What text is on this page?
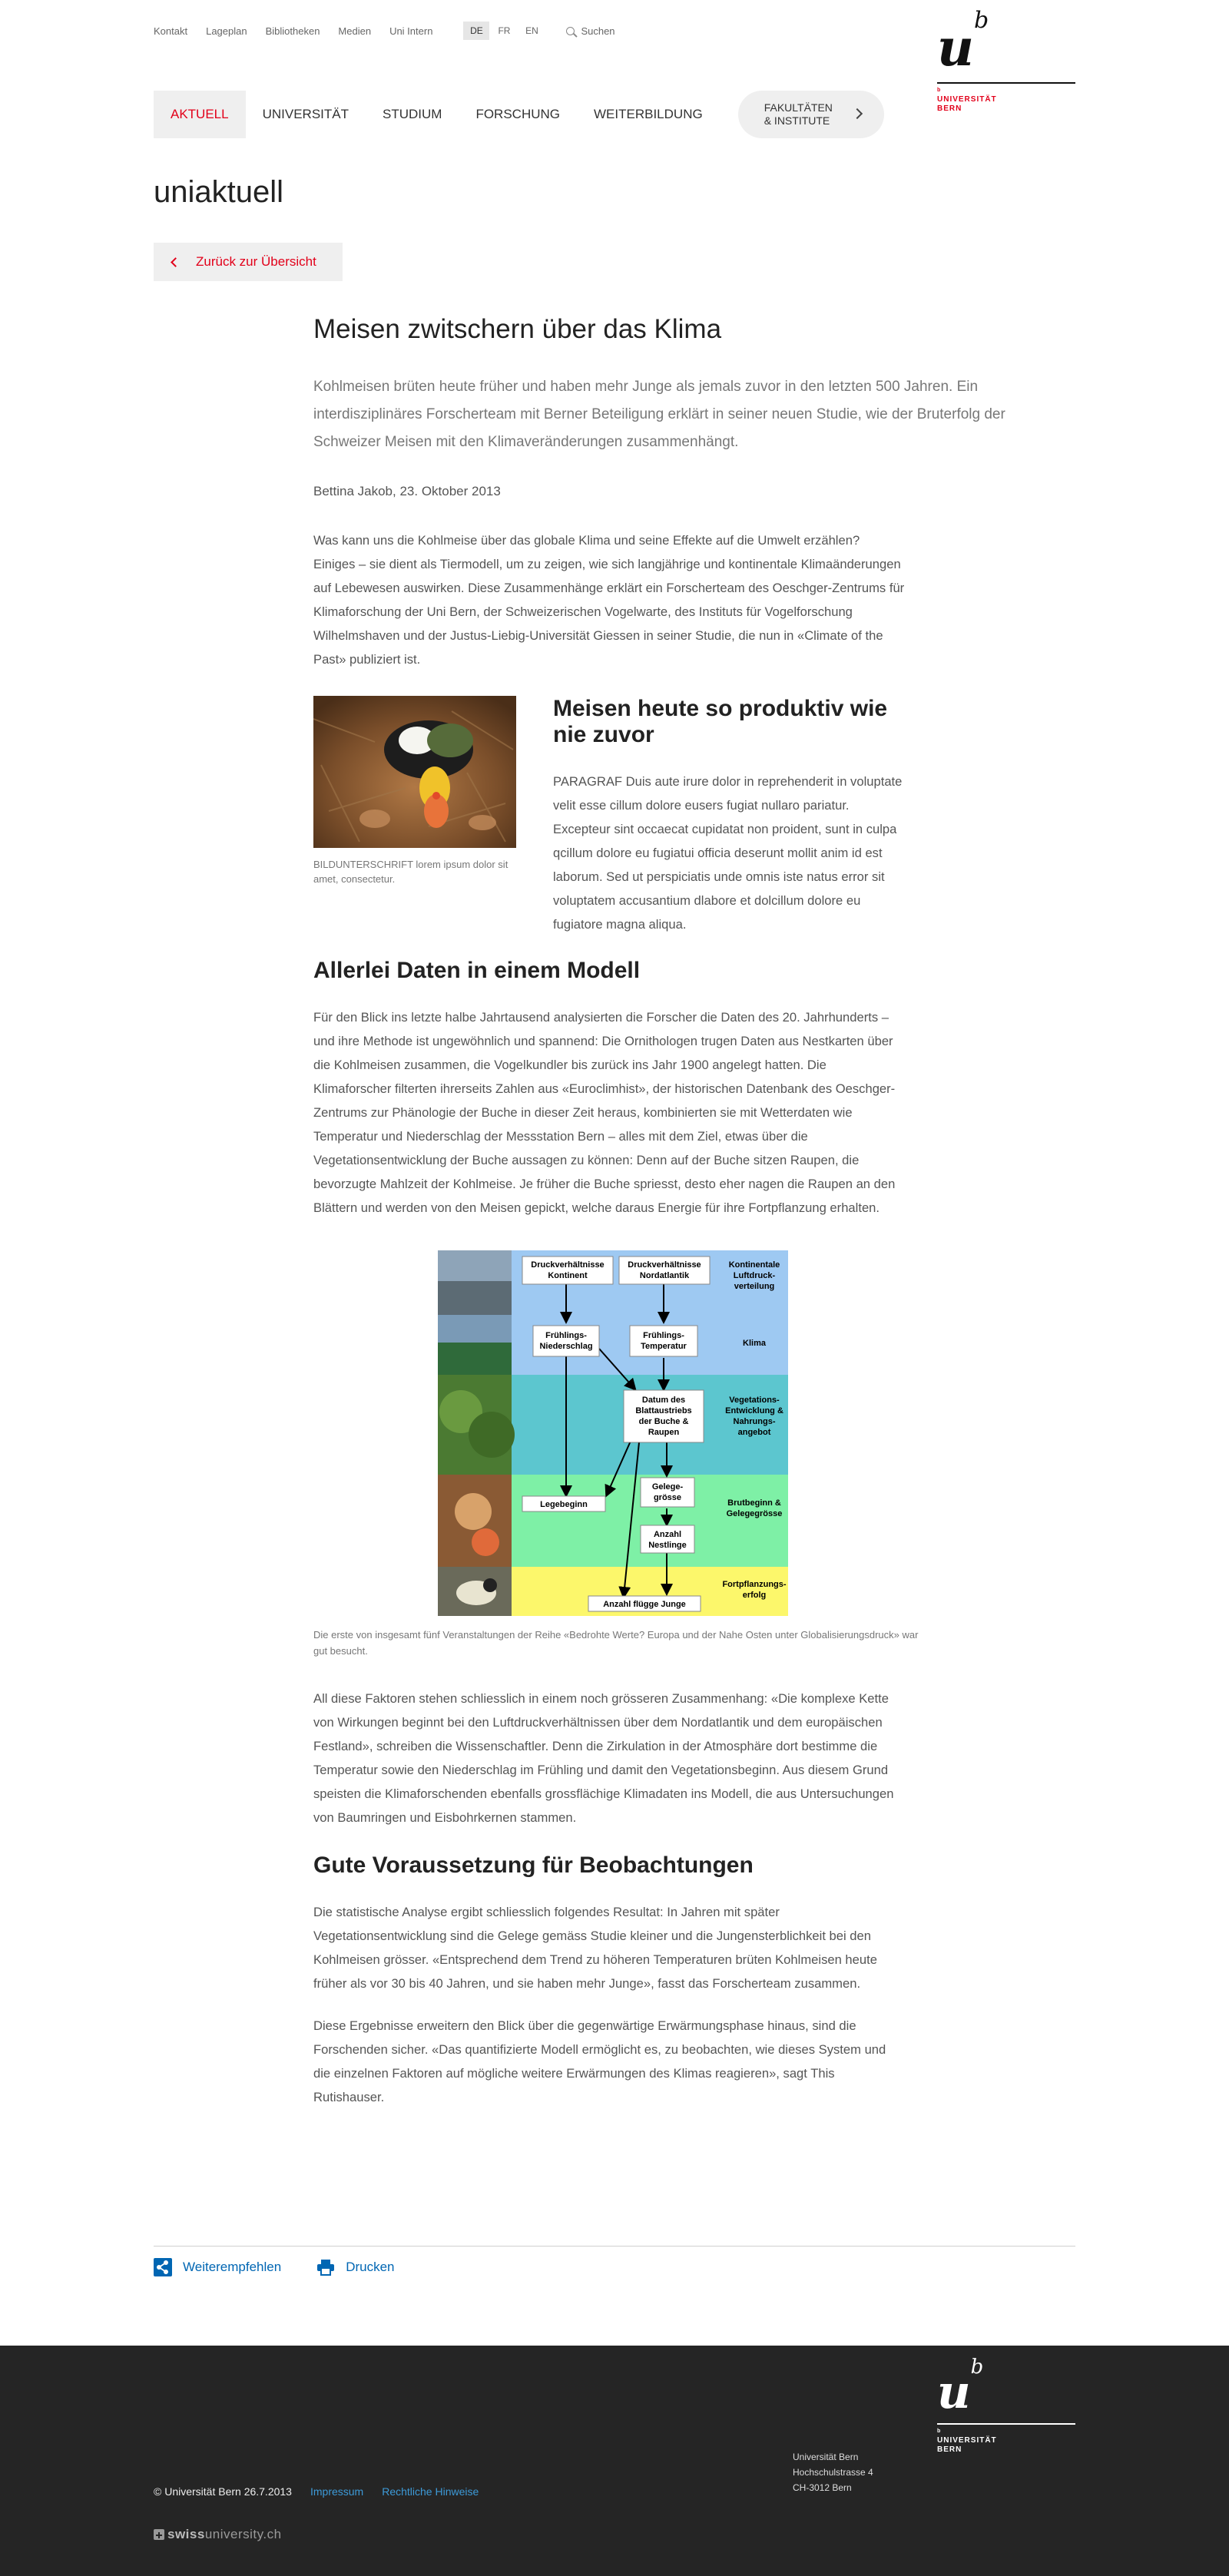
Kontakt Lageplan Bibliotheken Medien Uni Intern	DE	FR	EN	Suchen	$u^b$
b
UNIVERSITÄT
BERN
AKTUELL	UNIVERSITÄT	STUDIUM	FORSCHUNG	WEITERBILDUNG	FAKULTÄTEN
& INSTITUTE
uniaktuell
Zurück zur Übersicht
Meisen zwitschern über das Klima
Kohlmeisen brüten heute früher und haben mehr Junge als jemals zuvor in den letzten 500 Jahren. Ein interdisziplinäres Forscherteam mit Berner Beteiligung erklärt in seiner neuen Studie, wie der Bruterfolg der Schweizer Meisen mit den Klimaveränderungen zusammenhängt.
Bettina Jakob, 23. Oktober 2013
Was kann uns die Kohlmeise über das globale Klima und seine Effekte auf die Umwelt erzählen? Einiges – sie dient als Tiermodell, um zu zeigen, wie sich langjährige und kontinentale Klimaänderungen auf Lebewesen auswirken. Diese Zusammenhänge erklärt ein Forscherteam des Oeschger-Zentrums für Klimaforschung der Uni Bern, der Schweizerischen Vogelwarte, des Instituts für Vogelforschung Wilhelmshaven und der Justus-Liebig-Universität Giessen in seiner Studie, die nun in «Climate of the Past» publiziert ist.
BILDUNTERSCHRIFT lorem ipsum dolor sit amet, consectetur.
Meisen heute so produktiv wie nie zuvor
PARAGRAF Duis aute irure dolor in reprehenderit in voluptate velit esse cillum dolore eusers fugiat nullaro pariatur. Excepteur sint occaecat cupidatat non proident, sunt in culpa qcillum dolore eu fugiatui officia deserunt mollit anim id est laborum. Sed ut perspiciatis unde omnis iste natus error sit voluptatem accusantium dlabore et dolcillum dolore eu fugiatore magna aliqua.
Allerlei Daten in einem Modell
Für den Blick ins letzte halbe Jahrtausend analysierten die Forscher die Daten des 20. Jahrhunderts – und ihre Methode ist ungewöhnlich und spannend: Die Ornithologen trugen Daten aus Nestkarten über die Kohlmeisen zusammen, die Vogelkundler bis zurück ins Jahr 1900 angelegt hatten. Die Klimaforscher filterten ihrerseits Zahlen aus «Euroclimhist», der historischen Datenbank des Oeschger-Zentrums zur Phänologie der Buche in dieser Zeit heraus, kombinierten sie mit Wetterdaten wie Temperatur und Niederschlag der Messstation Bern – alles mit dem Ziel, etwas über die Vegetationsentwicklung der Buche aussagen zu können: Denn auf der Buche sitzen Raupen, die bevorzugte Mahlzeit der Kohlmeise. Je früher die Buche spriesst, desto eher nagen die Raupen an den Blättern und werden von den Meisen gepickt, welche daraus Energie für ihre Fortpflanzung erhalten.
Kontinentale Luftdruck-verteilung
Klima
Vegetations-Entwicklung & Nahrungs-angebot
Brutbeginn & Gelegegrösse
Fortpflanzungs-erfolg
Druckverhältnisse Kontinent
Druckverhältnisse Nordatlantik
Frühlings-Niederschlag
Frühlings-Temperatur
Datum des Blattaustriebs der Buche & Raupen
Legebeginn
Gelege-grösse
Anzahl Nestlinge
Anzahl flügge Junge
Die erste von insgesamt fünf Veranstaltungen der Reihe «Bedrohte Werte? Europa und der Nahe Osten unter Globalisierungsdruck» war gut besucht.
All diese Faktoren stehen schliesslich in einem noch grösseren Zusammenhang: «Die komplexe Kette von Wirkungen beginnt bei den Luftdruckverhältnissen über dem Nordatlantik und dem europäischen Festland», schreiben die Wissenschaftler. Denn die Zirkulation in der Atmosphäre dort bestimme die Temperatur sowie den Niederschlag im Frühling und damit den Vegetationsbeginn. Aus diesem Grund speisten die Klimaforschenden ebenfalls grossflächige Klimadaten ins Modell, die aus Untersuchungen von Baumringen und Eisbohrkernen stammen.
Gute Voraussetzung für Beobachtungen
Die statistische Analyse ergibt schliesslich folgendes Resultat: In Jahren mit später Vegetationsentwicklung sind die Gelege gemäss Studie kleiner und die Jungensterblichkeit bei den Kohlmeisen grösser. «Entsprechend dem Trend zu höheren Temperaturen brüten Kohlmeisen heute früher als vor 30 bis 40 Jahren, und sie haben mehr Junge», fasst das Forscherteam zusammen.
Diese Ergebnisse erweitern den Blick über die gegenwärtige Erwärmungsphase hinaus, sind die Forschenden sicher. «Das quantifizierte Modell ermöglicht es, zu beobachten, wie dieses System und die einzelnen Faktoren auf mögliche weitere Erwärmungen des Klimas reagieren», sagt This Rutishauser.
Weiterempfehlen	Drucken
$u^b$
b
UNIVERSITÄT
BERN
Universität Bern
Hochschulstrasse 4
CH-3012 Bern
© Universität Bern 26.7.2013 Impressum Rechtliche Hinweise
swiss university.ch
